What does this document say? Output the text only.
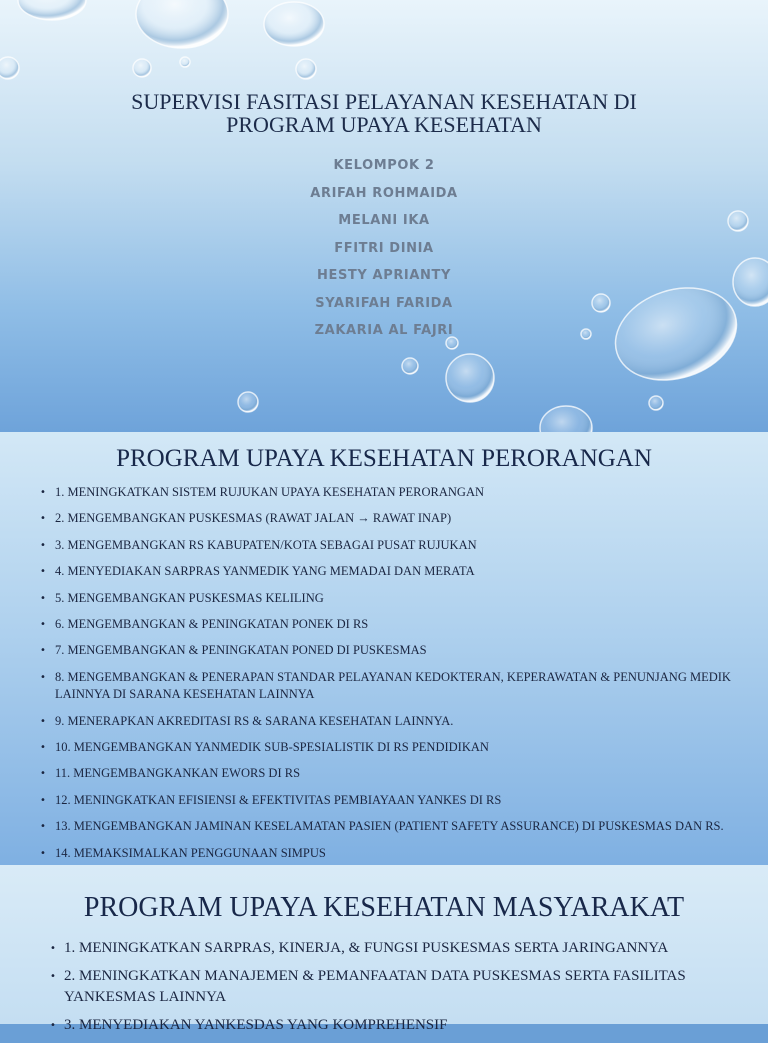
SUPERVISI FASITASI PELAYANAN KESEHATAN DI
PROGRAM UPAYA KESEHATAN
KELOMPOK 2
ARIFAH ROHMAIDA
MELANI IKA
FFITRI DINIA
HESTY APRIANTY
SYARIFAH FARIDA
ZAKARIA AL FAJRI
PROGRAM UPAYA KESEHATAN PERORANGAN
• 1. MENINGKATKAN SISTEM RUJUKAN UPAYA KESEHATAN PERORANGAN
• 2. MENGEMBANGKAN PUSKESMAS (RAWAT JALAN → RAWAT INAP)
• 3. MENGEMBANGKAN RS KABUPATEN/KOTA SEBAGAI PUSAT RUJUKAN
• 4. MENYEDIAKAN SARPRAS YANMEDIK YANG MEMADAI DAN MERATA
• 5. MENGEMBANGKAN PUSKESMAS KELILING
• 6. MENGEMBANGKAN & PENINGKATAN PONEK DI RS
• 7. MENGEMBANGKAN & PENINGKATAN PONED DI PUSKESMAS
• 8. MENGEMBANGKAN & PENERAPAN STANDAR PELAYANAN KEDOKTERAN, KEPERAWATAN & PENUNJANG MEDIK LAINNYA DI SARANA KESEHATAN LAINNYA
• 9. MENERAPKAN AKREDITASI RS & SARANA KESEHATAN LAINNYA.
• 10. MENGEMBANGKAN YANMEDIK SUB-SPESIALISTIK DI RS PENDIDIKAN
• 11. MENGEMBANGKANKAN EWORS DI RS
• 12. MENINGKATKAN EFISIENSI & EFEKTIVITAS PEMBIAYAAN YANKES DI RS
• 13. MENGEMBANGKAN JAMINAN KESELAMATAN PASIEN (PATIENT SAFETY ASSURANCE) DI PUSKESMAS DAN RS.
• 14. MEMAKSIMALKAN PENGGUNAAN SIMPUS
PROGRAM UPAYA KESEHATAN MASYARAKAT
• 1. MENINGKATKAN SARPRAS, KINERJA, & FUNGSI PUSKESMAS SERTA JARINGANNYA
• 2. MENINGKATKAN MANAJEMEN & PEMANFAATAN DATA PUSKESMAS SERTA FASILITAS YANKESMAS LAINNYA
• 3. MENYEDIAKAN YANKESDAS YANG KOMPREHENSIF
